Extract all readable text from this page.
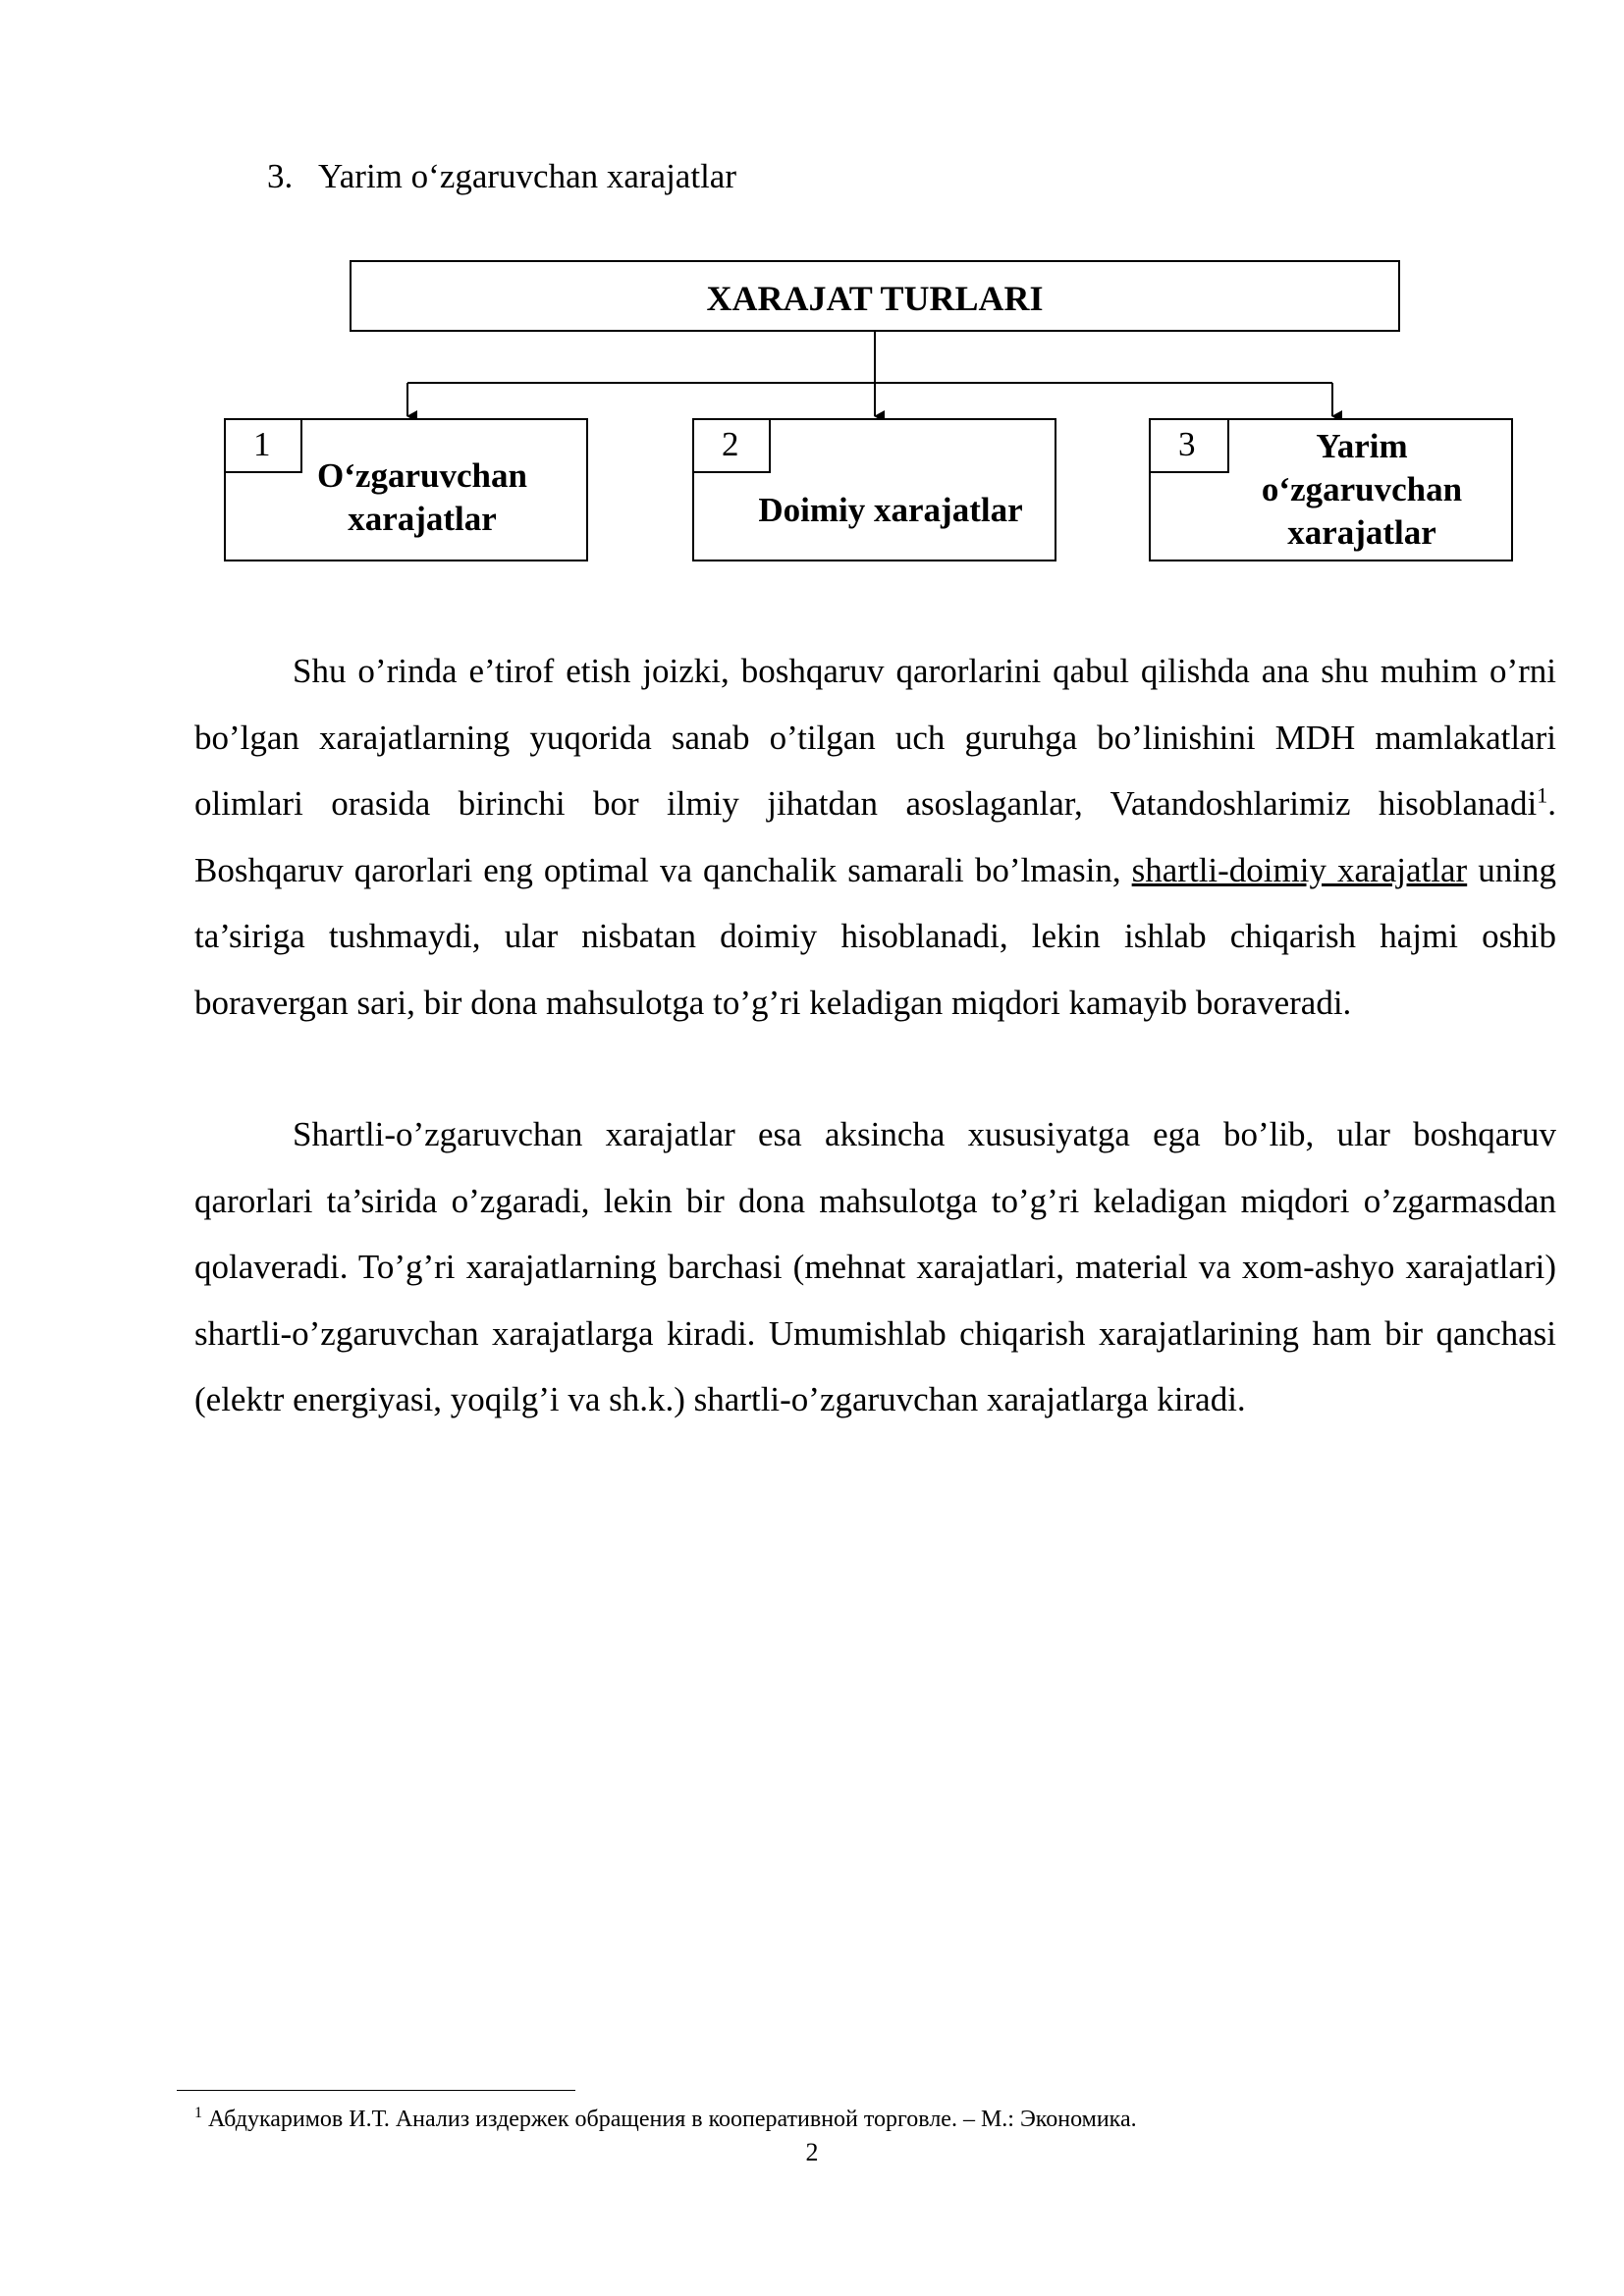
3. Yarim o‘zgaruvchan xarajatlar
XARAJAT TURLARI
1
O‘zgaruvchan
xarajatlar
2
Doimiy xarajatlar
3	Yarim
o‘zgaruvchan
xarajatlar

Shu o’rinda e’tirof etish joizki, boshqaruv qarorlarini qabul qilishda ana shu muhim o’rni bo’lgan xarajatlarning yuqorida sanab o’tilgan uch guruhga bo’linishini MDH mamlakatlari olimlari orasida birinchi bor ilmiy jihatdan asoslaganlar, Vatandoshlarimiz hisoblanadi$^1$. Boshqaruv qarorlari eng optimal va qanchalik samarali bo’lmasin, shartli-doimiy xarajatlar uning ta’siriga tushmaydi, ular nisbatan doimiy hisoblanadi, lekin ishlab chiqarish hajmi oshib boravergan sari, bir dona mahsulotga to’g’ri keladigan miqdori kamayib boraveradi.

Shartli-o’zgaruvchan xarajatlar esa aksincha xususiyatga ega bo’lib, ular boshqaruv qarorlari ta’sirida o’zgaradi, lekin bir dona mahsulotga to’g’ri keladigan miqdori o’zgarmasdan qolaveradi. To’g’ri xarajatlarning barchasi (mehnat xarajatlari, material va xom-ashyo xarajatlari) shartli-o’zgaruvchan xarajatlarga kiradi. Umumishlab chiqarish xarajatlarining ham bir qanchasi (elektr energiyasi, yoqilg’i va sh.k.) shartli-o’zgaruvchan xarajatlarga kiradi.

$^1$ Абдукаримов И.Т. Анализ издержек обращения в кооперативной торговле. – М.: Экономика.
2
